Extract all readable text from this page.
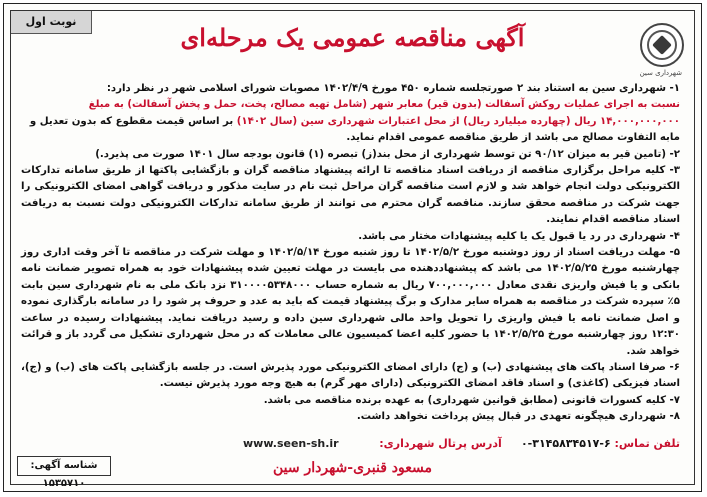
نوبت اول
آگهی مناقصه عمومی یک مرحله‌ای
شهرداری سین

۱- شهرداری سین به استناد بند ۲ صورتجلسه شماره ۴۵۰ مورخ ۱۴۰۲/۴/۹ مصوبات شورای اسلامی شهر در نظر دارد:
نسبت به اجرای عملیات روکش آسفالت (بدون قیر) معابر شهر (شامل تهیه مصالح، پخت، حمل و پخش آسفالت) به مبلغ
۱۴,۰۰۰,۰۰۰,۰۰۰ ریال (چهارده میلیارد ریال) از محل اعتبارات شهرداری سین (سال ۱۴۰۲) بر اساس قیمت مقطوع که بدون تعدیل و
مابه التفاوت مصالح می باشد از طریق مناقصه عمومی اقدام نماید.

۲- (تامین قیر به میزان ۹۰/۱۲ تن توسط شهرداری از محل بند(ز) تبصره (۱) قانون بودجه سال ۱۴۰۱ صورت می پذیرد.)

۳- کلیه مراحل برگزاری مناقصه از دریافت اسناد مناقصه تا ارائه پیشنهاد مناقصه گران و بازگشایی پاکتها از طریق سامانه تدارکات الکترونیکی دولت انجام خواهد شد و لازم است مناقصه گران مراحل ثبت نام در سایت مذکور و دریافت گواهی امضای الکترونیکی را جهت شرکت در مناقصه محقق سازند. مناقصه گران محترم می توانند از طریق سامانه تدارکات الکترونیکی دولت نسبت به دریافت اسناد مناقصه اقدام نمایند.

۴- شهرداری در رد یا قبول یک یا کلیه پیشنهادات مختار می باشد.

۵- مهلت دریافت اسناد از روز دوشنبه مورخ ۱۴۰۲/۵/۲ تا روز شنبه مورخ ۱۴۰۲/۵/۱۴ و مهلت شرکت در مناقصه تا آخر وقت اداری روز چهارشنبه مورخ ۱۴۰۲/۵/۲۵ می باشد که پیشنهاددهنده می بایست در مهلت تعیین شده پیشنهادات خود به همراه تصویر ضمانت نامه بانکی و یا فیش واریزی نقدی معادل ۷۰۰,۰۰۰,۰۰۰ ریال به شماره حساب ۳۱۰۰۰۰۵۳۴۸۰۰۰ نزد بانک ملی به نام شهرداری سین بابت ۵٪ سپرده شرکت در مناقصه به همراه سایر مدارک و برگ پیشنهاد قیمت که باید به عدد و حروف پر شود را در سامانه بارگذاری نموده و اصل ضمانت نامه یا فیش واریزی را تحویل واحد مالی شهرداری سین داده و رسید دریافت نماید. پیشنهادات رسیده در ساعت ۱۲:۳۰ روز چهارشنبه مورخ ۱۴۰۲/۵/۲۵ با حضور کلیه اعضا کمیسیون عالی معاملات که در محل شهرداری تشکیل می گردد باز و قرائت خواهد شد.

۶- صرفا اسناد پاکت های پیشنهادی (ب) و (ج) دارای امضای الکترونیکی مورد پذیرش است. در جلسه بازگشایی پاکت های (ب) و (ج)، اسناد فیزیکی (کاغذی) و اسناد فاقد امضای الکترونیکی (دارای مهر گرم) به هیچ وجه مورد پذیرش نیست.

۷- کلیه کسورات قانونی (مطابق قوانین شهرداری) به عهده برنده مناقصه می باشد.

۸- شهرداری هیچگونه تعهدی در قبال پیش پرداخت نخواهد داشت.

تلفن تماس: ۶-۳۱۴۵۸۳۴۵۱۷-۰     آدرس پرتال شهرداری:
www.seen-sh.ir
مسعود قنبری-شهردار سین
شناسه آگهی: ۱۵۳۵۷۱۰
